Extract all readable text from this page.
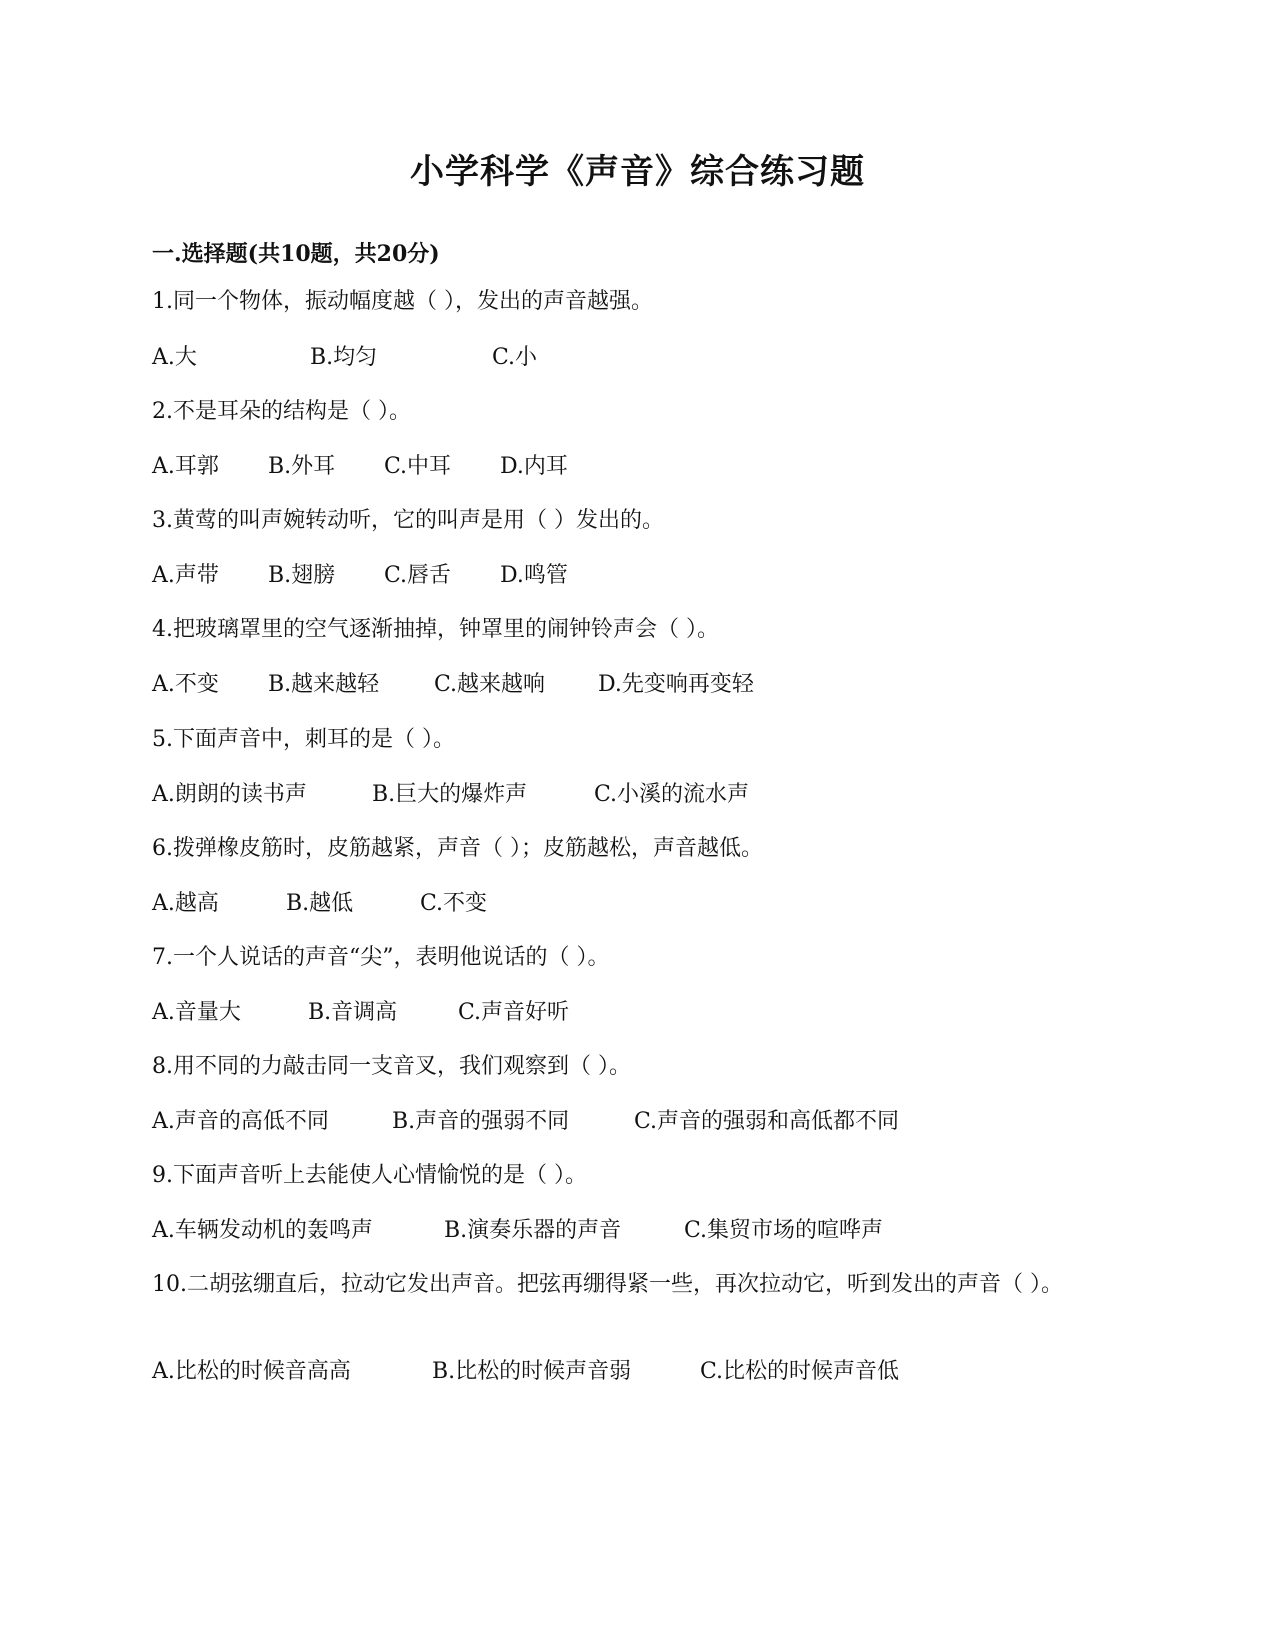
小学科学《声音》综合练习题
一.选择题(共10题，共20分)
1.同一个物体，振动幅度越（ ），发出的声音越强。
A.大	B.均匀	C.小
2.不是耳朵的结构是（ ）。
A.耳郭 B.外耳 C.中耳 D.内耳
3.黄莺的叫声婉转动听，它的叫声是用（ ）发出的。
A.声带 B.翅膀 C.唇舌 D.鸣管
4.把玻璃罩里的空气逐渐抽掉，钟罩里的闹钟铃声会（ ）。
A.不变 B.越来越轻 C.越来越响 D.先变响再变轻
5.下面声音中，刺耳的是（ ）。
A.朗朗的读书声	B.巨大的爆炸声	C.小溪的流水声
6.拨弹橡皮筋时，皮筋越紧，声音（ ）；皮筋越松，声音越低。
A.越高	B.越低	C.不变
7.一个人说话的声音“尖”，表明他说话的（ ）。
A.音量大	B.音调高	C.声音好听
8.用不同的力敲击同一支音叉，我们观察到（ ）。
A.声音的高低不同	B.声音的强弱不同	C.声音的强弱和高低都不同
9.下面声音听上去能使人心情愉悦的是（ ）。
A.车辆发动机的轰鸣声	B.演奏乐器的声音	C.集贸市场的喧哗声
10.二胡弦绷直后，拉动它发出声音。把弦再绷得紧一些，再次拉动它，听到发出的声音（ ）。
A.比松的时候音高高	B.比松的时候声音弱	C.比松的时候声音低
